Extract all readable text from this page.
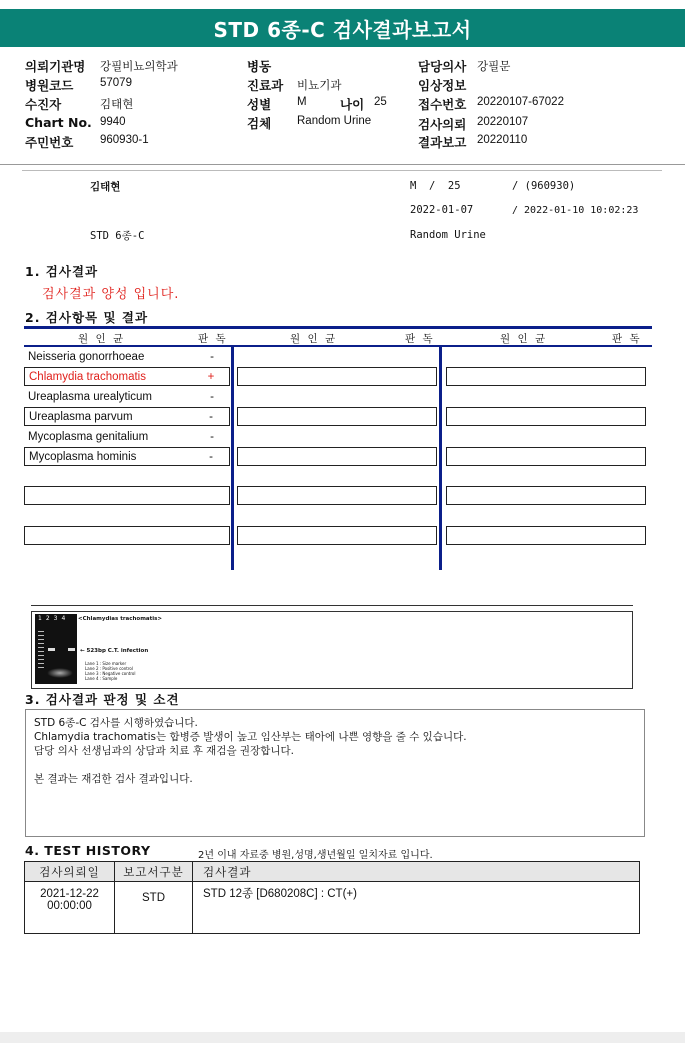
STD 6종-C 검사결과보고서
의뢰기관명 강필비뇨의학과
병원코드 57079
수진자	김태현
Chart No. 9940
주민번호 960930-1
병동
진료과 비뇨기과
성별 M	나이 25
검체 Random Urine
담당의사 강필문
임상정보
접수번호 20220107-67022
검사의뢰 20220107
결과보고 20220110
김태현	M  /  25	/ (960930)
2022-01-07	/ 2022-01-10 10:02:23
STD 6종-C	Random Urine
1. 검사결과
검사결과 양성 입니다.
2. 검사항목 및 결과
원 인 균	판 독	원 인 균	판 독	원 인 균	판 독
Neisseria gonorrhoeae	-
Chlamydia trachomatis	+
Ureaplasma urealyticum	-
Ureaplasma parvum	-
Mycoplasma genitalium	-
Mycoplasma hominis	-
1234 <Chlamydias trachomatis>
← 523bp C.T. infection
Lane 1 : Size marker
Lane 2 : Positive control
Lane 3 : Negative control
Lane 4 : Sample
3. 검사결과 판정 및 소견
STD 6종-C 검사를 시행하였습니다.
Chlamydia trachomatis는 합병증 발생이 높고 임산부는 태아에 나쁜 영향을 줄 수 있습니다.
담당 의사 선생님과의 상담과 치료 후 재검을 권장합니다.
본 결과는 재검한 검사 결과입니다.
4. TEST HISTORY	2년 이내 자료중 병원,성명,생년월일 일치자료 입니다.
검사의뢰일	보고서구분	검사결과

2021-12-22
00:00:00	STD	STD 12종 [D680208C] : CT(+)
